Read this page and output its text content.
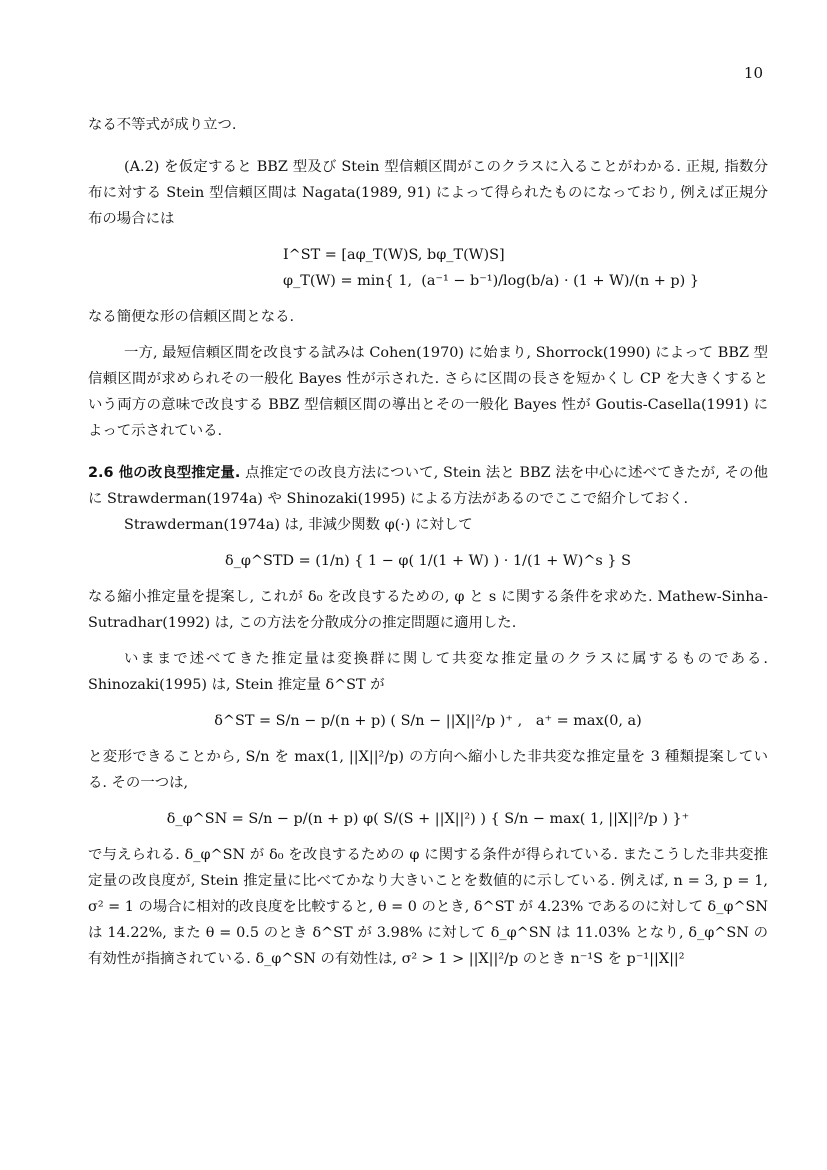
10

なる不等式が成り立つ.

(A.2) を仮定すると BBZ 型及び Stein 型信頼区間がこのクラスに入ることがわかる. 正規, 指数分布に対する Stein 型信頼区間は Nagata(1989, 91) によって得られたものになっており, 例えば正規分布の場合には

I^ST = [aφ_T(W)S, bφ_T(W)S]
φ_T(W) = min{ 1,  (a⁻¹ − b⁻¹)/log(b/a) · (1 + W)/(n + p) }

なる簡便な形の信頼区間となる.

一方, 最短信頼区間を改良する試みは Cohen(1970) に始まり, Shorrock(1990) によって BBZ 型信頼区間が求められその一般化 Bayes 性が示された. さらに区間の長さを短かくし CP を大きくするという両方の意味で改良する BBZ 型信頼区間の導出とその一般化 Bayes 性が Goutis-Casella(1991) によって示されている.

2.6 他の改良型推定量. 点推定での改良方法について, Stein 法と BBZ 法を中心に述べてきたが, その他に Strawderman(1974a) や Shinozaki(1995) による方法があるのでここで紹介しておく.

Strawderman(1974a) は, 非減少関数 φ(·) に対して

δ_φ^STD = (1/n) { 1 − φ( 1/(1 + W) ) · 1/(1 + W)^s } S

なる縮小推定量を提案し, これが δ₀ を改良するための, φ と s に関する条件を求めた. Mathew-Sinha-Sutradhar(1992) は, この方法を分散成分の推定問題に適用した.

いままで述べてきた推定量は変換群に関して共変な推定量のクラスに属するものである. Shinozaki(1995) は, Stein 推定量 δ^ST が

δ^ST = S/n − p/(n + p) ( S/n − ||X||²/p )⁺ ,   a⁺ = max(0, a)

と変形できることから, S/n を max(1, ||X||²/p) の方向へ縮小した非共変な推定量を 3 種類提案している. その一つは,

δ_φ^SN = S/n − p/(n + p) φ( S/(S + ||X||²) ) { S/n − max( 1, ||X||²/p ) }⁺

で与えられる. δ_φ^SN が δ₀ を改良するための φ に関する条件が得られている. またこうした非共変推定量の改良度が, Stein 推定量に比べてかなり大きいことを数値的に示している. 例えば, n = 3, p = 1, σ² = 1 の場合に相対的改良度を比較すると, θ = 0 のとき, δ^ST が 4.23% であるのに対して δ_φ^SN は 14.22%, また θ = 0.5 のとき δ^ST が 3.98% に対して δ_φ^SN は 11.03% となり, δ_φ^SN の有効性が指摘されている. δ_φ^SN の有効性は, σ² > 1 > ||X||²/p のとき n⁻¹S を p⁻¹||X||²
